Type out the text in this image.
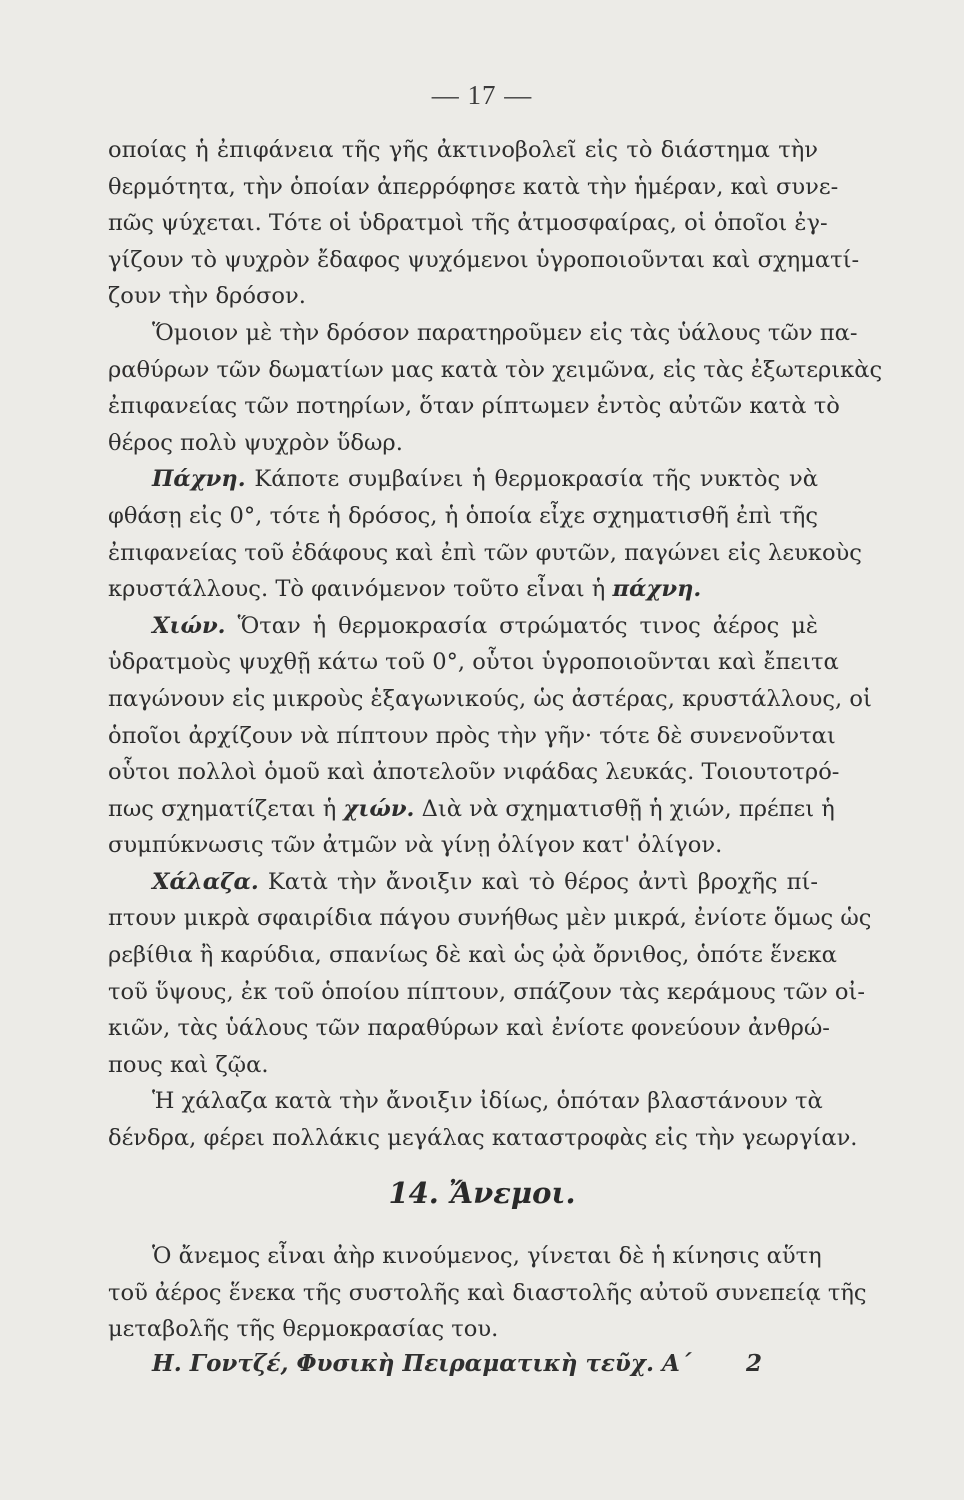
— 17 —
οποίας ἡ ἐπιφάνεια τῆς γῆς ἀκτινοβολεῖ εἰς τὸ διάστημα τὴν
θερμότητα, τὴν ὁποίαν ἀπερρόφησε κατὰ τὴν ἡμέραν, καὶ συνε-
πῶς ψύχεται. Τότε οἱ ὑδρατμοὶ τῆς ἀτμοσφαίρας, οἱ ὁποῖοι ἐγ-
γίζουν τὸ ψυχρὸν ἔδαφος ψυχόμενοι ὑγροποιοῦνται καὶ σχηματί-
ζουν τὴν δρόσον.
Ὅμοιον μὲ τὴν δρόσον παρατηροῦμεν εἰς τὰς ὑάλους τῶν πα-
ραθύρων τῶν δωματίων μας κατὰ τὸν χειμῶνα, εἰς τὰς ἐξωτερικὰς
ἐπιφανείας τῶν ποτηρίων, ὅταν ρίπτωμεν ἐντὸς αὐτῶν κατὰ τὸ
θέρος πολὺ ψυχρὸν ὕδωρ.
Πάχνη. Κάποτε συμβαίνει ἡ θερμοκρασία τῆς νυκτὸς νὰ
φθάσῃ εἰς 0°, τότε ἡ δρόσος, ἡ ὁποία εἶχε σχηματισθῆ ἐπὶ τῆς
ἐπιφανείας τοῦ ἐδάφους καὶ ἐπὶ τῶν φυτῶν, παγώνει εἰς λευκοὺς
κρυστάλλους. Τὸ φαινόμενον τοῦτο εἶναι ἡ πάχνη.
Χιών. Ὅταν ἡ θερμοκρασία στρώματός τινος ἀέρος μὲ
ὑδρατμοὺς ψυχθῇ κάτω τοῦ 0°, οὗτοι ὑγροποιοῦνται καὶ ἔπειτα
παγώνουν εἰς μικροὺς ἑξαγωνικούς, ὡς ἀστέρας, κρυστάλλους, οἱ
ὁποῖοι ἀρχίζουν νὰ πίπτουν πρὸς τὴν γῆν· τότε δὲ συνενοῦνται
οὗτοι πολλοὶ ὁμοῦ καὶ ἀποτελοῦν νιφάδας λευκάς. Τοιουτοτρό-
πως σχηματίζεται ἡ χιών. Διὰ νὰ σχηματισθῇ ἡ χιών, πρέπει ἡ
συμπύκνωσις τῶν ἀτμῶν νὰ γίνῃ ὀλίγον κατ' ὀλίγον.
Χάλαζα. Κατὰ τὴν ἄνοιξιν καὶ τὸ θέρος ἀντὶ βροχῆς πί-
πτουν μικρὰ σφαιρίδια πάγου συνήθως μὲν μικρά, ἐνίοτε ὅμως ὡς
ρεβίθια ἢ καρύδια, σπανίως δὲ καὶ ὡς ᾠὰ ὄρνιθος, ὁπότε ἕνεκα
τοῦ ὕψους, ἐκ τοῦ ὁποίου πίπτουν, σπάζουν τὰς κεράμους τῶν οἰ-
κιῶν, τὰς ὑάλους τῶν παραθύρων καὶ ἐνίοτε φονεύουν ἀνθρώ-
πους καὶ ζῷα.
Ἡ χάλαζα κατὰ τὴν ἄνοιξιν ἰδίως, ὁπόταν βλαστάνουν τὰ
δένδρα, φέρει πολλάκις μεγάλας καταστροφὰς εἰς τὴν γεωργίαν.
14. Ἄνεμοι.
Ὁ ἄνεμος εἶναι ἀὴρ κινούμενος, γίνεται δὲ ἡ κίνησις αὕτη
τοῦ ἀέρος ἕνεκα τῆς συστολῆς καὶ διαστολῆς αὐτοῦ συνεπείᾳ τῆς
μεταβολῆς τῆς θερμοκρασίας του.
Η. Γοντζέ, Φυσικὴ Πειραματικὴ τεῦχ. Α΄ 2
